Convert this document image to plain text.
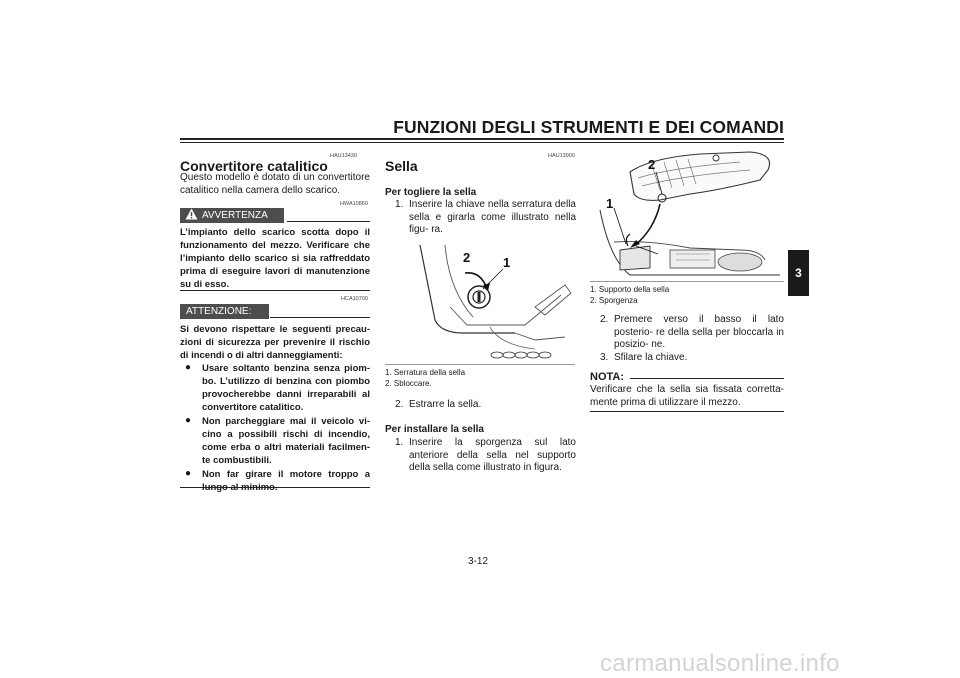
FUNZIONI DEGLI STRUMENTI E DEI COMANDI
3
HAU13430
Convertitore catalitico
Questo modello è dotato di un convertitore catalitico nella camera dello scarico.
AVVERTENZA
HWA10860
L’impianto dello scarico scotta dopo il funzionamento del mezzo. Verificare che l’impianto dello scarico si sia raffreddato prima di eseguire lavori di manutenzione su di esso.
HCA10700
ATTENZIONE:
Si devono rispettare le seguenti precau- zioni di sicurezza per prevenire il rischio di incendi o di altri danneggiamenti:
● Usare soltanto benzina senza piom- bo. L’utilizzo di benzina con piombo provocherebbe danni irreparabili al convertitore catalitico.
● Non parcheggiare mai il veicolo vi- cino a possibili rischi di incendio, come erba o altri materiali facilmen- te combustibili.
● Non far girare il motore troppo a
HAU13900
Sella
Per togliere la sella
1. Inserire la chiave nella serratura della sella e girarla come illustrato nella figu- ra.
2	1
1. Serratura della sella
2. Sbloccare.
2. Estrarre la sella.
Per installare la sella
1. Inserire la sporgenza sul lato anteriore della sella nel supporto della sella come illustrato in figura.
1
2
1. Supporto della sella
2. Sporgenza
2. Premere verso il basso il lato posterio- re della sella per bloccarla in posizio- ne.
3. Sfilare la chiave.
NOTA:
Verificare che la sella sia fissata corretta- mente prima di utilizzare il mezzo.
3-12
carmanualsonline.info
